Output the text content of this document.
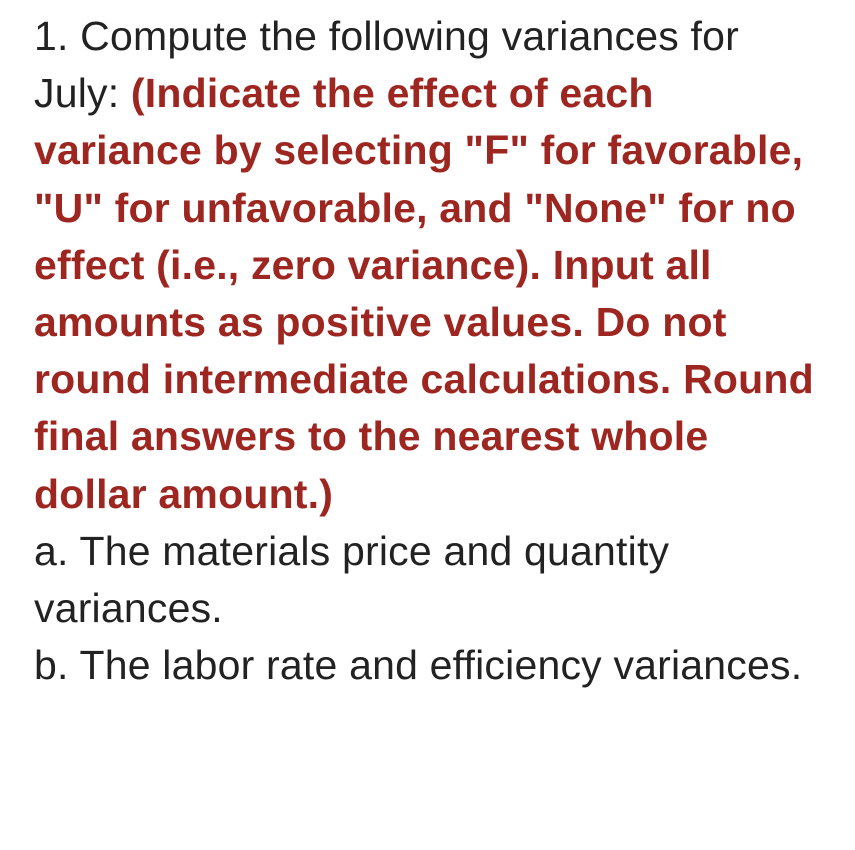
1. Compute the following variances for July: (Indicate the effect of each variance by selecting "F" for favorable, "U" for unfavorable, and "None" for no effect (i.e., zero variance). Input all amounts as positive values. Do not round intermediate calculations. Round final answers to the nearest whole dollar amount.)
a. The materials price and quantity variances.
b. The labor rate and efficiency variances.
